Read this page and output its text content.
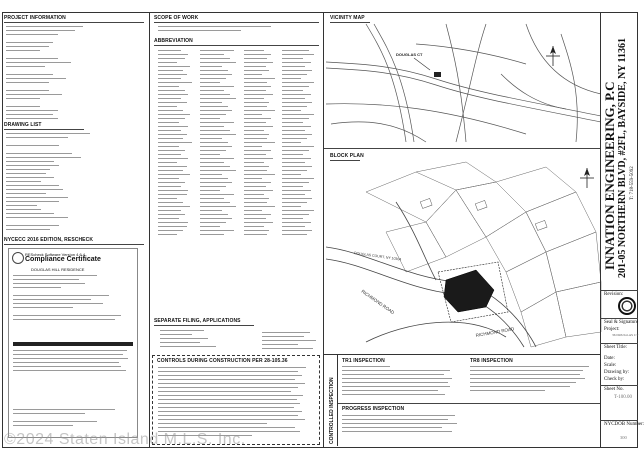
PROJECT INFORMATION
DRAWING LIST
NYCECC 2016 EDITION, RESCHECK
REScheck Software Version 4.6.4
Compliance Certificate
DOUGLAS HILL RESIDENCE
SCOPE OF WORK
ABBREVIATION
SEPARATE FILING, APPLICATIONS
CONTROLS DURING CONSTRUCTION PER 28-105.36
VICINITY MAP
DOUGLAS CT
BLOCK PLAN
DOUGLAS COURT, NY 10304
RICHMOND ROAD
RICHMOND ROAD
CONTROLLED INSPECTION
TR1 INSPECTION	TR8 INSPECTION
PROGRESS INSPECTION
INNATION ENGINEERING, P.C 201-05 NORTHERN BLVD, #2FL, BAYSIDE, NY 11361 T: 718-559-5092
Revision:
Seal & Signature
Project:
36 DOUGLAS CT
Sheet Title:
Date:
Scale:
Drawing by:
Check by:
Sheet No.
T-100.00
NYCDOB Number:
300
©2024 Staten Island M.L.S. Inc.
